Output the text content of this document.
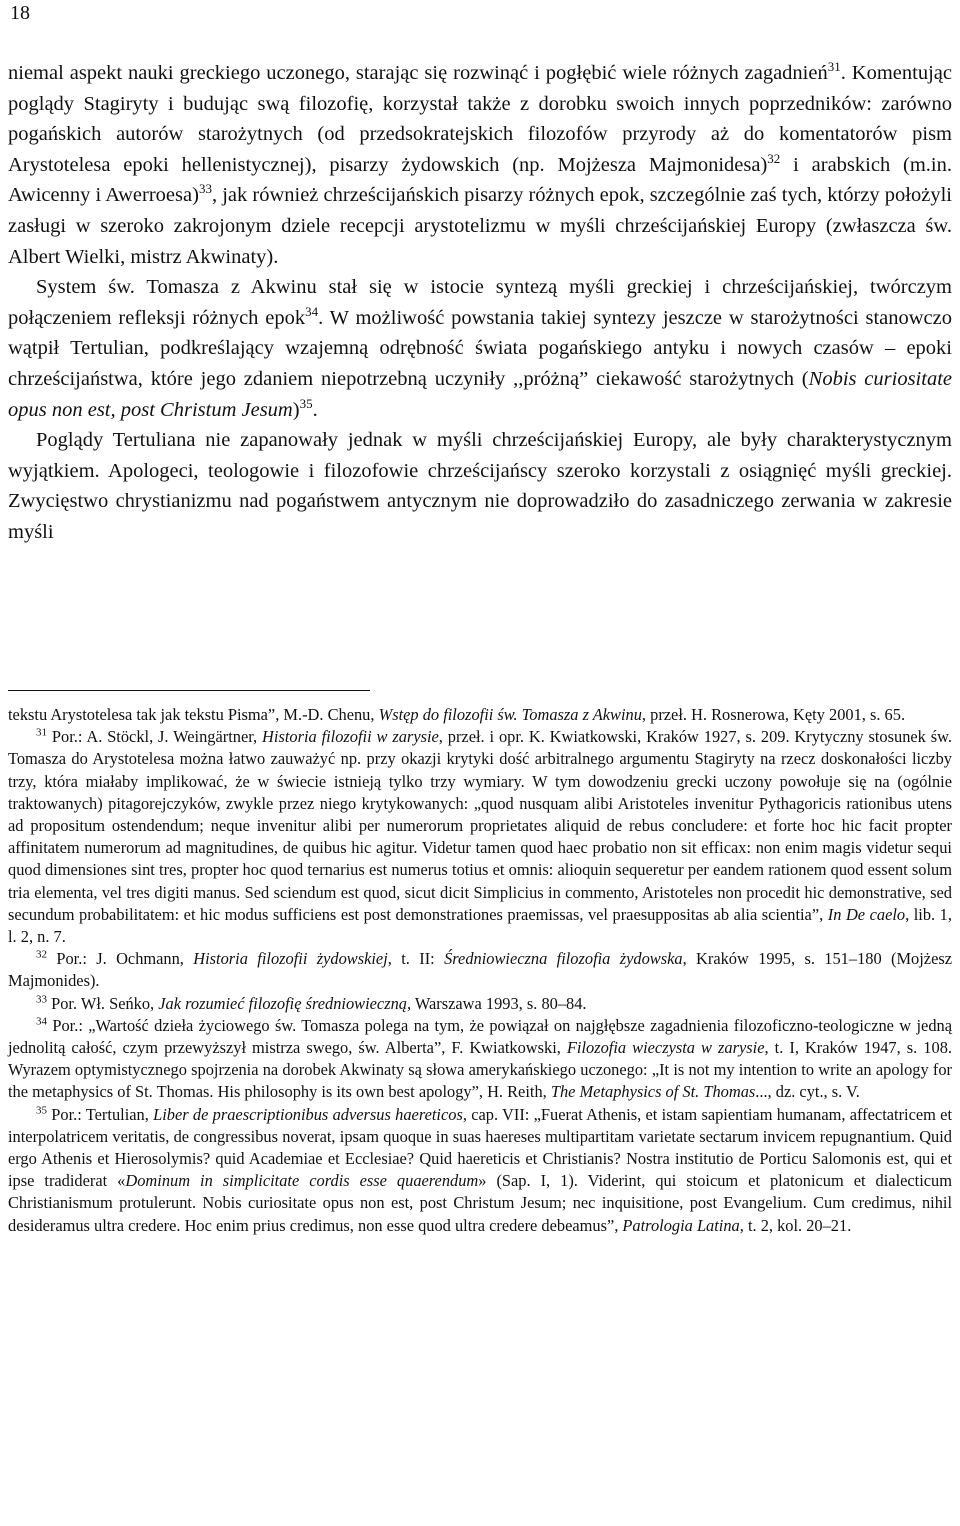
18

niemal aspekt nauki greckiego uczonego, starając się rozwinąć i pogłębić wiele różnych zagadnień$^{31}$. Komentując poglądy Stagiryty i budując swą filozofię, korzystał także z dorobku swoich innych poprzedników: zarówno pogańskich autorów starożytnych (od przedsokratejskich filozofów przyrody aż do komentatorów pism Arystotelesa epoki hellenistycznej), pisarzy żydowskich (np. Mojżesza Majmonidesa)$^{32}$ i arabskich (m.in. Awicenny i Awerroesa)$^{33}$, jak również chrześcijańskich pisarzy różnych epok, szczególnie zaś tych, którzy położyli zasługi w szeroko zakrojonym dziele recepcji arystotelizmu w myśli chrześcijańskiej Europy (zwłaszcza św. Albert Wielki, mistrz Akwinaty).

System św. Tomasza z Akwinu stał się w istocie syntezą myśli greckiej i chrześcijańskiej, twórczym połączeniem refleksji różnych epok$^{34}$. W możliwość powstania takiej syntezy jeszcze w starożytności stanowczo wątpił Tertulian, podkreślający wzajemną odrębność świata pogańskiego antyku i nowych czasów – epoki chrześcijaństwa, które jego zdaniem niepotrzebną uczyniły ,,próżną” ciekawość starożytnych (Nobis curiositate opus non est, post Christum Jesum)$^{35}$.

Poglądy Tertuliana nie zapanowały jednak w myśli chrześcijańskiej Europy, ale były charakterystycznym wyjątkiem. Apologeci, teologowie i filozofowie chrześcijańscy szeroko korzystali z osiągnięć myśli greckiej. Zwycięstwo chrystianizmu nad pogaństwem antycznym nie doprowadziło do zasadniczego zerwania w zakresie myśli

tekstu Arystotelesa tak jak tekstu Pisma”, M.-D. Chenu, Wstęp do filozofii św. Tomasza z Akwinu, przeł. H. Rosnerowa, Kęty 2001, s. 65.

$^{31}$ Por.: A. Stöckl, J. Weingärtner, Historia filozofii w zarysie, przeł. i opr. K. Kwiatkowski, Kraków 1927, s. 209. Krytyczny stosunek św. Tomasza do Arystotelesa można łatwo zauważyć np. przy okazji krytyki dość arbitralnego argumentu Stagiryty na rzecz doskonałości liczby trzy, która miałaby implikować, że w świecie istnieją tylko trzy wymiary. W tym dowodzeniu grecki uczony powołuje się na (ogólnie traktowanych) pitagorejczyków, zwykle przez niego krytykowanych: „quod nusquam alibi Aristoteles invenitur Pythagoricis rationibus utens ad propositum ostendendum; neque invenitur alibi per numerorum proprietates aliquid de rebus concludere: et forte hoc hic facit propter affinitatem numerorum ad magnitudines, de quibus hic agitur. Videtur tamen quod haec probatio non sit efficax: non enim magis videtur sequi quod dimensiones sint tres, propter hoc quod ternarius est numerus totius et omnis: alioquin sequeretur per eandem rationem quod essent solum tria elementa, vel tres digiti manus. Sed sciendum est quod, sicut dicit Simplicius in commento, Aristoteles non procedit hic demonstrative, sed secundum probabilitatem: et hic modus sufficiens est post demonstrationes praemissas, vel praesuppositas ab alia scientia”, In De caelo, lib. 1, l. 2, n. 7.

$^{32}$ Por.: J. Ochmann, Historia filozofii żydowskiej, t. II: Średniowieczna filozofia żydowska, Kraków 1995, s. 151–180 (Mojżesz Majmonides).

$^{33}$ Por. Wł. Seńko, Jak rozumieć filozofię średniowieczną, Warszawa 1993, s. 80–84.

$^{34}$ Por.: „Wartość dzieła życiowego św. Tomasza polega na tym, że powiązał on najgłębsze zagadnienia filozoficzno-teologiczne w jedną jednolitą całość, czym przewyższył mistrza swego, św. Alberta”, F. Kwiatkowski, Filozofia wieczysta w zarysie, t. I, Kraków 1947, s. 108. Wyrazem optymistycznego spojrzenia na dorobek Akwinaty są słowa amerykańskiego uczonego: „It is not my intention to write an apology for the metaphysics of St. Thomas. His philosophy is its own best apology”, H. Reith, The Metaphysics of St. Thomas..., dz. cyt., s. V.

$^{35}$ Por.: Tertulian, Liber de praescriptionibus adversus haereticos, cap. VII: „Fuerat Athenis, et istam sapientiam humanam, affectatricem et interpolatricem veritatis, de congressibus noverat, ipsam quoque in suas haereses multipartitam varietate sectarum invicem repugnantium. Quid ergo Athenis et Hierosolymis? quid Academiae et Ecclesiae? Quid haereticis et Christianis? Nostra institutio de Porticu Salomonis est, qui et ipse tradiderat «Dominum in simplicitate cordis esse quaerendum» (Sap. I, 1). Viderint, qui stoicum et platonicum et dialecticum Christianismum protulerunt. Nobis curiositate opus non est, post Christum Jesum; nec inquisitione, post Evangelium. Cum credimus, nihil desideramus ultra credere. Hoc enim prius credimus, non esse quod ultra credere debeamus”, Patrologia Latina, t. 2, kol. 20–21.
